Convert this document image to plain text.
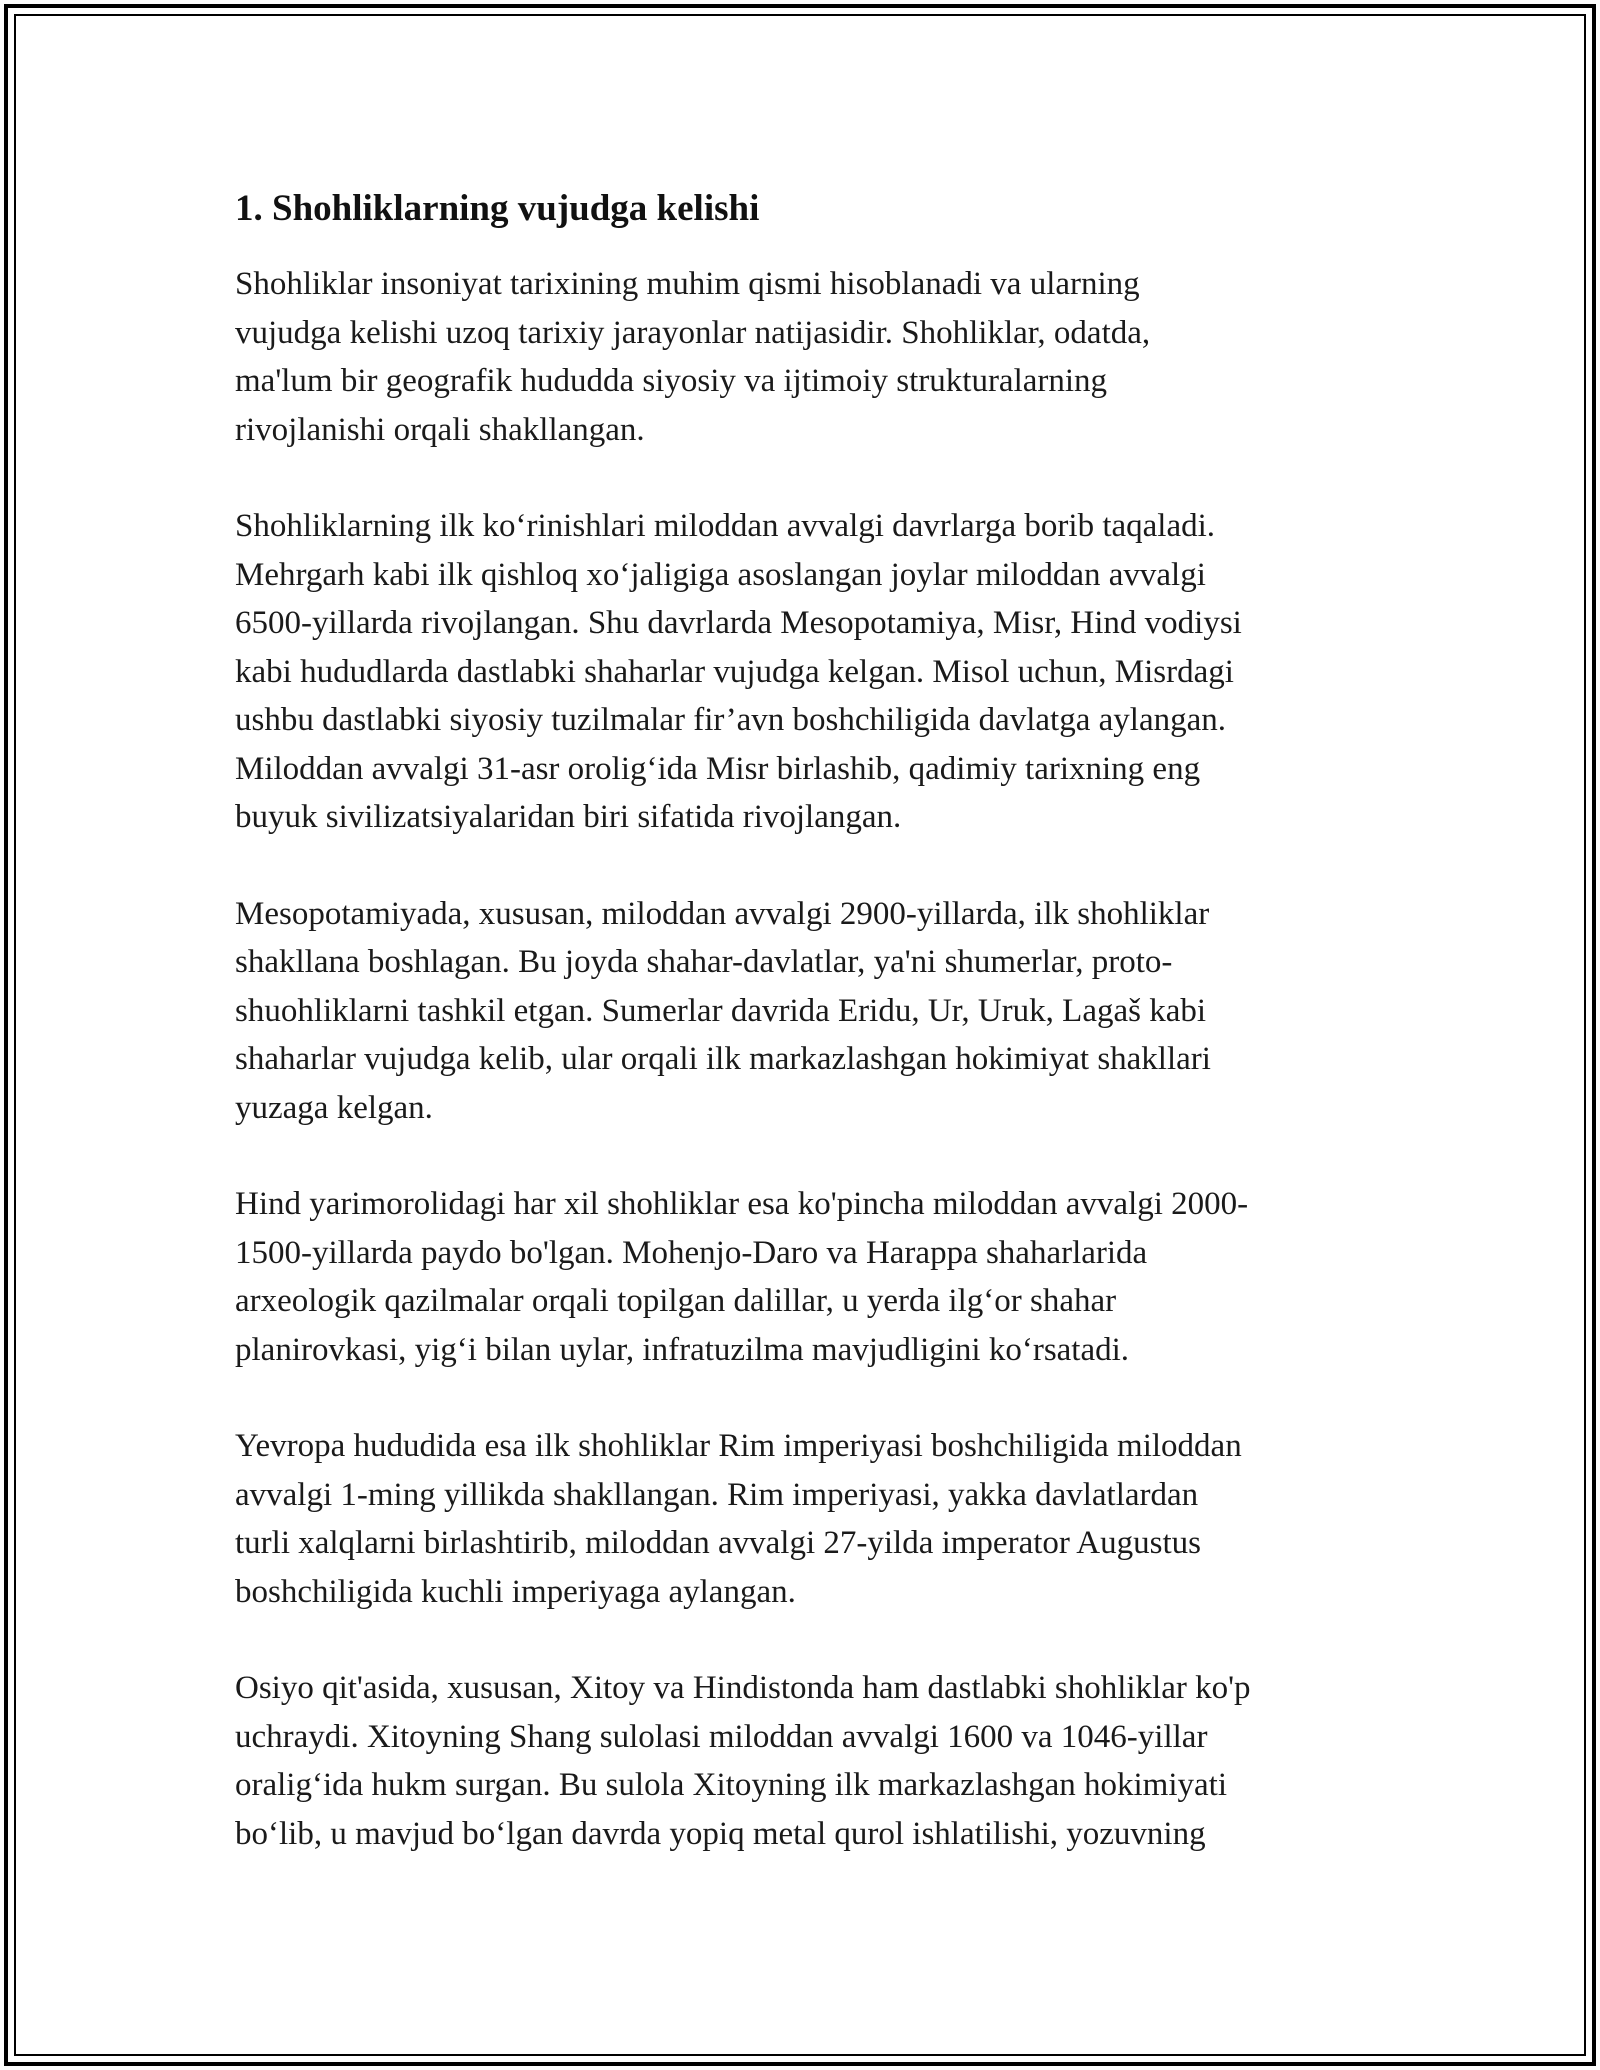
1. Shohliklarning vujudga kelishi

Shohliklar insoniyat tarixining muhim qismi hisoblanadi va ularning
vujudga kelishi uzoq tarixiy jarayonlar natijasidir. Shohliklar, odatda,
ma'lum bir geografik hududda siyosiy va ijtimoiy strukturalarning
rivojlanishi orqali shakllangan.

Shohliklarning ilk koʻrinishlari miloddan avvalgi davrlarga borib taqaladi.
Mehrgarh kabi ilk qishloq xoʻjaligiga asoslangan joylar miloddan avvalgi
6500-yillarda rivojlangan. Shu davrlarda Mesopotamiya, Misr, Hind vodiysi
kabi hududlarda dastlabki shaharlar vujudga kelgan. Misol uchun, Misrdagi
ushbu dastlabki siyosiy tuzilmalar fir’avn boshchiligida davlatga aylangan.
Miloddan avvalgi 31-asr oroligʻida Misr birlashib, qadimiy tarixning eng
buyuk sivilizatsiyalaridan biri sifatida rivojlangan.

Mesopotamiyada, xususan, miloddan avvalgi 2900-yillarda, ilk shohliklar
shakllana boshlagan. Bu joyda shahar-davlatlar, ya'ni shumerlar, proto-
shuohliklarni tashkil etgan. Sumerlar davrida Eridu, Ur, Uruk, Lagaš kabi
shaharlar vujudga kelib, ular orqali ilk markazlashgan hokimiyat shakllari
yuzaga kelgan.

Hind yarimorolidagi har xil shohliklar esa ko'pincha miloddan avvalgi 2000-
1500-yillarda paydo bo'lgan. Mohenjo-Daro va Harappa shaharlarida
arxeologik qazilmalar orqali topilgan dalillar, u yerda ilgʻor shahar
planirovkasi, yigʻi bilan uylar, infratuzilma mavjudligini koʻrsatadi.

Yevropa hududida esa ilk shohliklar Rim imperiyasi boshchiligida miloddan
avvalgi 1-ming yillikda shakllangan. Rim imperiyasi, yakka davlatlardan
turli xalqlarni birlashtirib, miloddan avvalgi 27-yilda imperator Augustus
boshchiligida kuchli imperiyaga aylangan.

Osiyo qit'asida, xususan, Xitoy va Hindistonda ham dastlabki shohliklar ko'p
uchraydi. Xitoyning Shang sulolasi miloddan avvalgi 1600 va 1046-yillar
oraligʻida hukm surgan. Bu sulola Xitoyning ilk markazlashgan hokimiyati
boʻlib, u mavjud boʻlgan davrda yopiq metal qurol ishlatilishi, yozuvning
